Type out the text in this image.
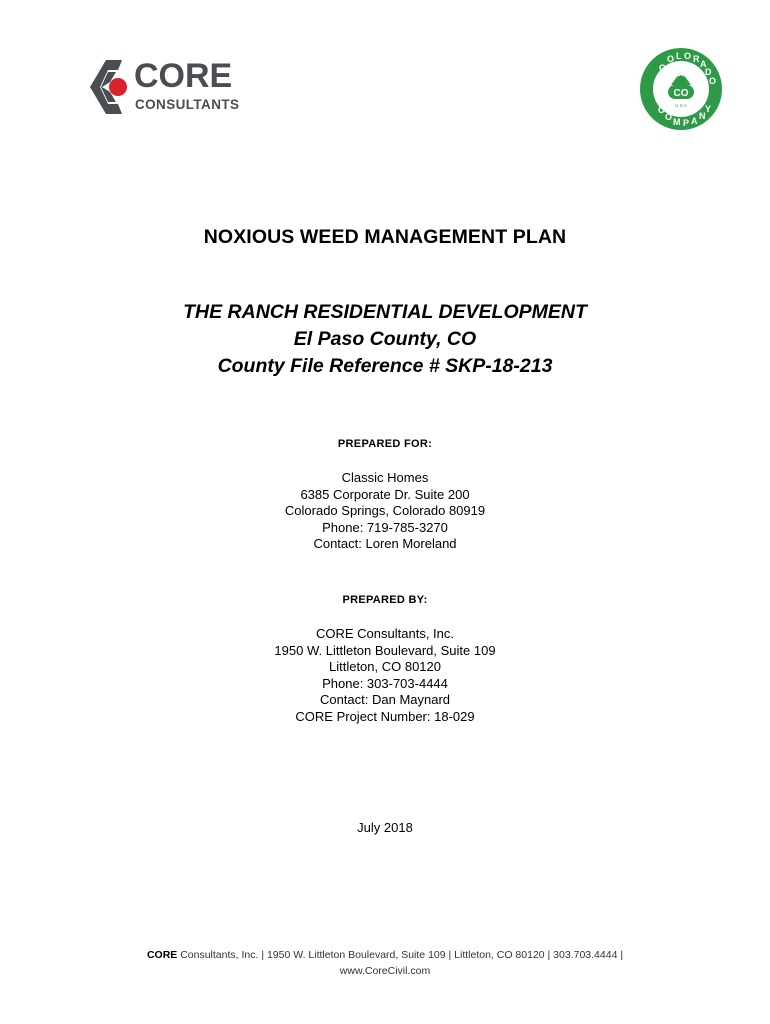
CORE
CONSULTANTS
CO L O RA D O COM P A NY
CO
U S A
NOXIOUS WEED MANAGEMENT PLAN
THE RANCH RESIDENTIAL DEVELOPMENT
El Paso County, CO
County File Reference # SKP-18-213
PREPARED FOR:
Classic Homes
6385 Corporate Dr. Suite 200
Colorado Springs, Colorado 80919
Phone: 719-785-3270
Contact: Loren Moreland
PREPARED BY:
CORE Consultants, Inc.
1950 W. Littleton Boulevard, Suite 109
Littleton, CO 80120
Phone: 303-703-4444
Contact: Dan Maynard
CORE Project Number: 18-029
July 2018
CORE Consultants, Inc. | 1950 W. Littleton Boulevard, Suite 109 | Littleton, CO 80120 | 303.703.4444 |
www.CoreCivil.com
